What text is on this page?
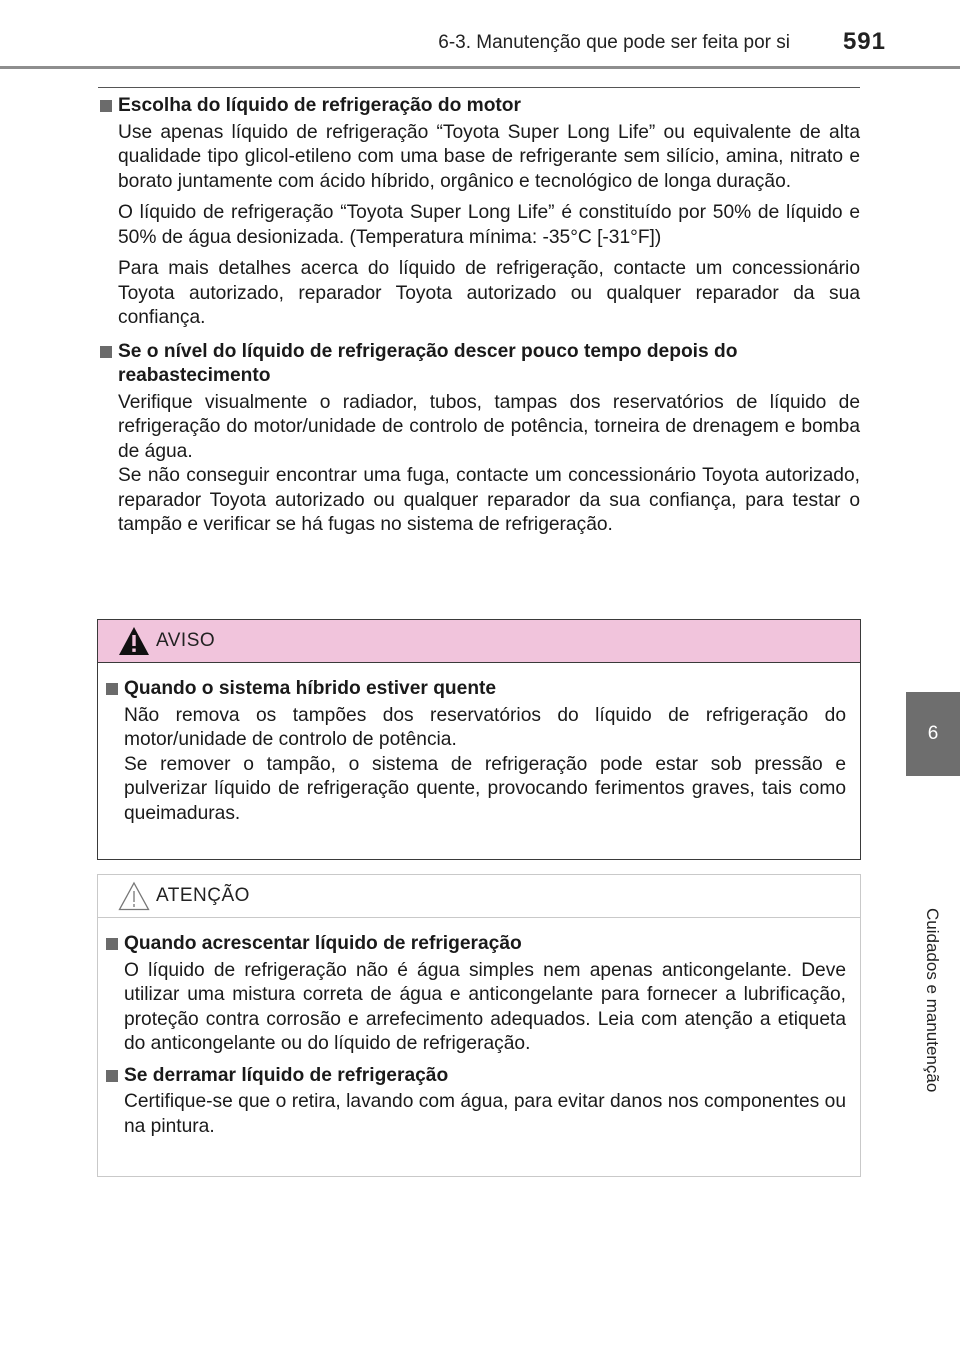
6-3. Manutenção que pode ser feita por si 591
6
Cuidados e manutenção
Escolha do líquido de refrigeração do motor

Use apenas líquido de refrigeração “Toyota Super Long Life” ou equivalente de alta qualidade tipo glicol-etileno com uma base de refrigerante sem silício, amina, nitrato e borato juntamente com ácido híbrido, orgânico e tecnológico de longa duração.

O líquido de refrigeração “Toyota Super Long Life” é constituído por 50% de líquido e 50% de água desionizada. (Temperatura mínima: -35°C [-31°F])

Para mais detalhes acerca do líquido de refrigeração, contacte um concessionário Toyota autorizado, reparador Toyota autorizado ou qualquer reparador da sua confiança.

Se o nível do líquido de refrigeração descer pouco tempo depois do reabastecimento

Verifique visualmente o radiador, tubos, tampas dos reservatórios de líquido de refrigeração do motor/unidade de controlo de potência, torneira de drenagem e bomba de água.

Se não conseguir encontrar uma fuga, contacte um concessionário Toyota autorizado, reparador Toyota autorizado ou qualquer reparador da sua confiança, para testar o tampão e verificar se há fugas no sistema de refrigeração.

AVISO
Quando o sistema híbrido estiver quente

Não remova os tampões dos reservatórios do líquido de refrigeração do motor/unidade de controlo de potência.

Se remover o tampão, o sistema de refrigeração pode estar sob pressão e pulverizar líquido de refrigeração quente, provocando ferimentos graves, tais como queimaduras.

ATENÇÃO
Quando acrescentar líquido de refrigeração

O líquido de refrigeração não é água simples nem apenas anticongelante. Deve utilizar uma mistura correta de água e anticongelante para fornecer a lubrificação, proteção contra corrosão e arrefecimento adequados. Leia com atenção a etiqueta do anticongelante ou do líquido de refrigeração.

Se derramar líquido de refrigeração

Certifique-se que o retira, lavando com água, para evitar danos nos componentes ou na pintura.
